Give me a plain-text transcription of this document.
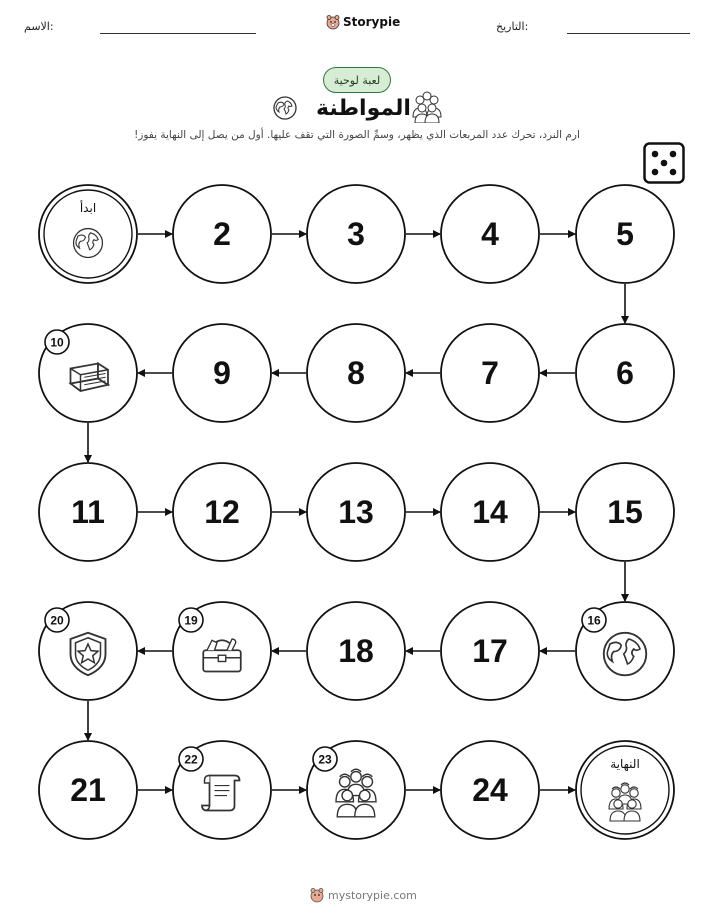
الاسم:	Storypie	التاريخ:
لعبة لوحية
المواطنة
ارم النرد، تحرك عدد المربعات الذي يظهر، وسمِّ الصورة التي تقف عليها. أول من يصل إلى النهاية يفوز!
ابدأ
2	3	4	5
6
7
8
9
10
11	12	13	14	15
16
17
18
19
20
21
22	23
24
النهاية
mystorypie.com
